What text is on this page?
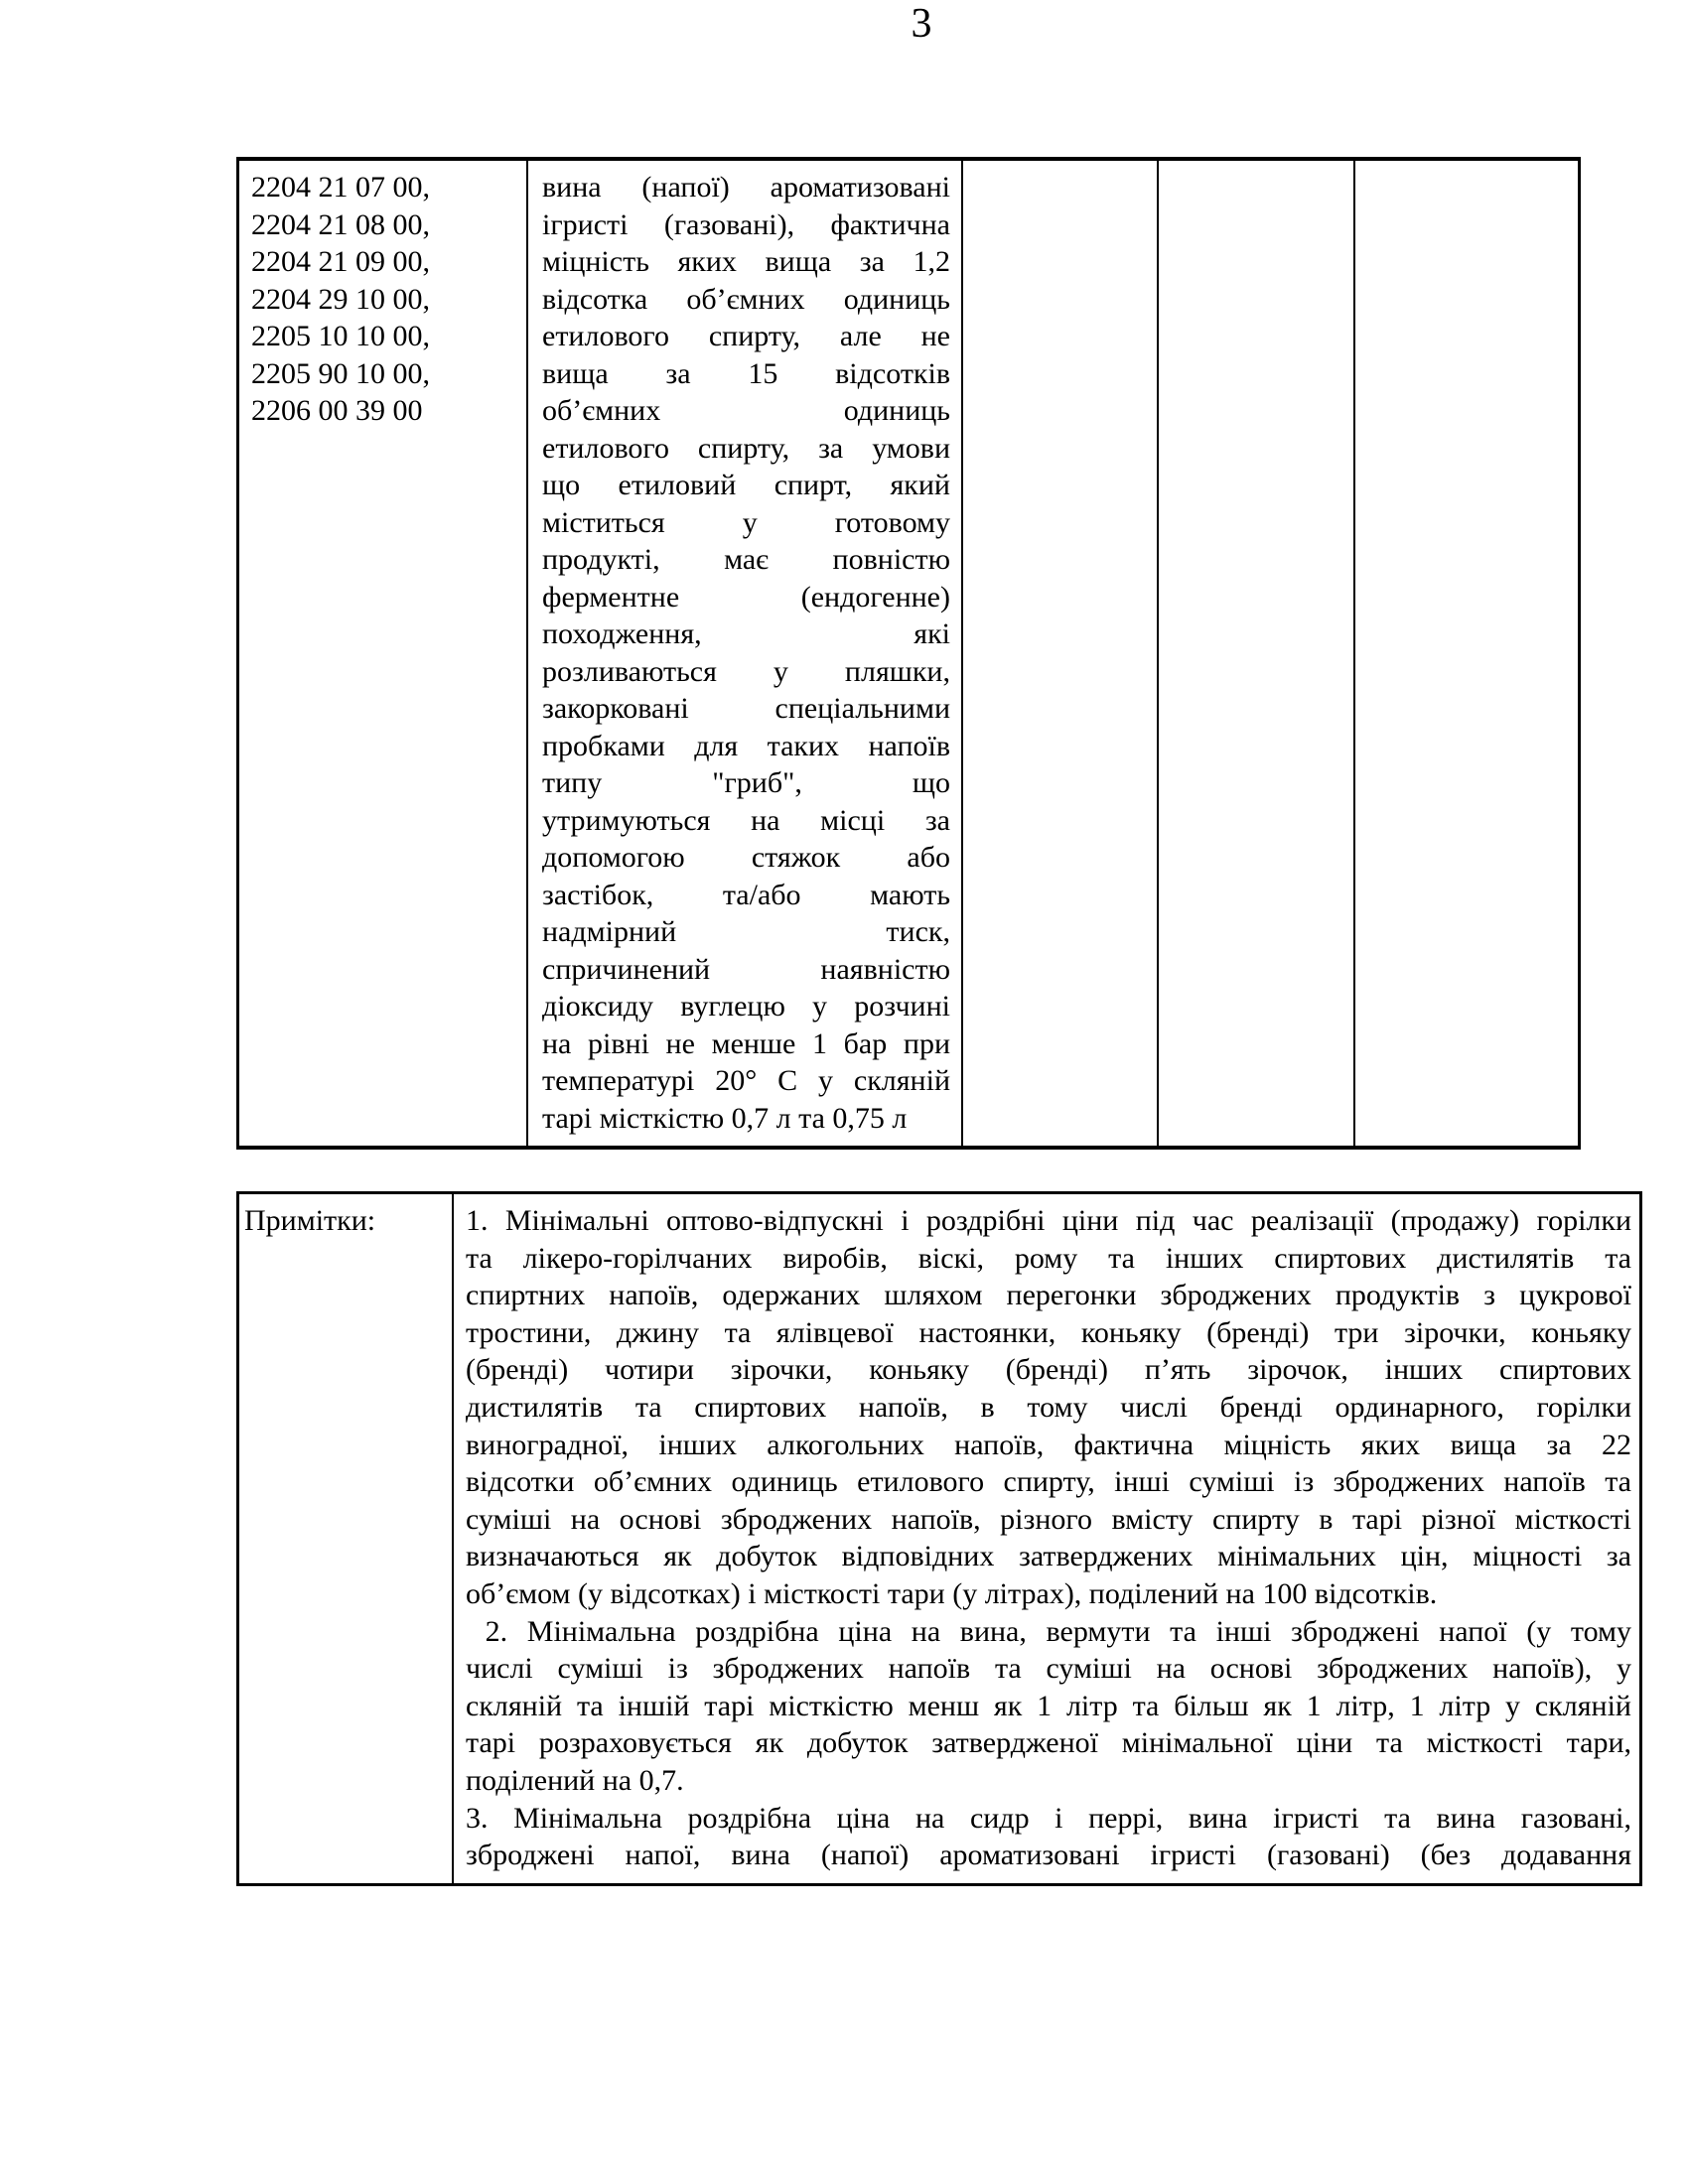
3
2204 21 07 00,
2204 21 08 00,
2204 21 09 00,
2204 29 10 00,
2205 10 10 00,
2205 90 10 00,
2206 00 39 00
вина (напої) ароматизовані
ігристі (газовані), фактична
міцність яких вища за 1,2
відсотка об’ємних одиниць
етилового спирту, але не
вища за 15 відсотків
об’ємних одиниць
етилового спирту, за умови
що етиловий спирт, який
міститься у готовому
продукті, має повністю
ферментне (ендогенне)
походження, які
розливаються у пляшки,
закорковані спеціальними
пробками для таких напоїв
типу "гриб", що
утримуються на місці за
допомогою стяжок або
застібок, та/або мають
надмірний тиск,
спричинений наявністю
діоксиду вуглецю у розчині
на рівні не менше 1 бар при
температурі 20° С у скляній
тарі місткістю 0,7 л та 0,75 л
Примітки:	1. Мінімальні оптово-відпускні і роздрібні ціни під час реалізації (продажу) горілки
та лікеро-горілчаних виробів, віскі, рому та інших спиртових дистилятів та
спиртних напоїв, одержаних шляхом перегонки зброджених продуктів з цукрової
тростини, джину та ялівцевої настоянки, коньяку (бренді) три зірочки, коньяку
(бренді) чотири зірочки, коньяку (бренді) п’ять зірочок, інших спиртових
дистилятів та спиртових напоїв, в тому числі бренді ординарного, горілки
виноградної, інших алкогольних напоїв, фактична міцність яких вища за 22
відсотки об’ємних одиниць етилового спирту, інші суміші із зброджених напоїв та
суміші на основі зброджених напоїв, різного вмісту спирту в тарі різної місткості
визначаються як добуток відповідних затверджених мінімальних цін, міцності за
об’ємом (у відсотках) і місткості тари (у літрах), поділений на 100 відсотків.
2. Мінімальна роздрібна ціна на вина, вермути та інші зброджені напої (у тому
числі суміші із зброджених напоїв та суміші на основі зброджених напоїв), у
скляній та іншій тарі місткістю менш як 1 літр та більш як 1 літр, 1 літр у скляній
тарі розраховується як добуток затвердженої мінімальної ціни та місткості тари,
поділений на 0,7.
3. Мінімальна роздрібна ціна на сидр і перрі, вина ігристі та вина газовані,
зброджені напої, вина (напої) ароматизовані ігристі (газовані) (без додавання
